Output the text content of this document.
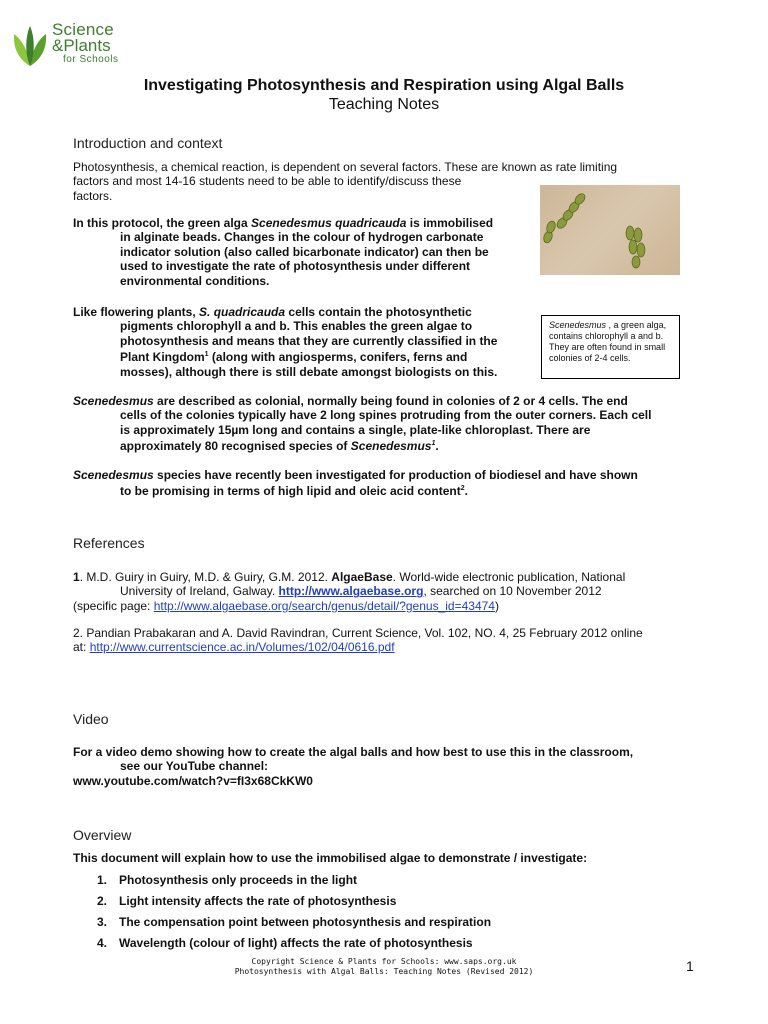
Science
&Plants
for Schools
Investigating Photosynthesis and Respiration using Algal Balls
Teaching Notes
Introduction and context
Photosynthesis, a chemical reaction, is dependent on several factors. These are known as rate limiting
factors and most 14-16 students need to be able to identify/discuss these
factors.
In this protocol, the green alga Scenedesmus quadricauda is immobilised
in alginate beads. Changes in the colour of hydrogen carbonate
indicator solution (also called bicarbonate indicator) can then be
used to investigate the rate of photosynthesis under different
environmental conditions.
Like flowering plants, S. quadricauda cells contain the photosynthetic
pigments chlorophyll a and b. This enables the green algae to
photosynthesis and means that they are currently classified in the
Plant Kingdom$^1$ (along with angiosperms, conifers, ferns and
mosses), although there is still debate amongst biologists on this.
Scenedesmus , a green alga, contains chlorophyll a and b. They are often found in small colonies of 2-4 cells.
Scenedesmus are described as colonial, normally being found in colonies of 2 or 4 cells. The end
cells of the colonies typically have 2 long spines protruding from the outer corners. Each cell
is approximately 15µm long and contains a single, plate-like chloroplast. There are
approximately 80 recognised species of Scenedesmus$^1$.
Scenedesmus species have recently been investigated for production of biodiesel and have shown
to be promising in terms of high lipid and oleic acid content$^2$.
References
1. M.D. Guiry in Guiry, M.D. & Guiry, G.M. 2012. AlgaeBase. World-wide electronic publication, National
University of Ireland, Galway. http://www.algaebase.org, searched on 10 November 2012
(specific page: http://www.algaebase.org/search/genus/detail/?genus_id=43474)
2. Pandian Prabakaran and A. David Ravindran, Current Science, Vol. 102, NO. 4, 25 February 2012 online
at: http://www.currentscience.ac.in/Volumes/102/04/0616.pdf
Video
For a video demo showing how to create the algal balls and how best to use this in the classroom,
see our YouTube channel:
www.youtube.com/watch?v=fI3x68CkKW0
Overview
This document will explain how to use the immobilised algae to demonstrate / investigate:
1. Photosynthesis only proceeds in the light
2. Light intensity affects the rate of photosynthesis
3. The compensation point between photosynthesis and respiration
4. Wavelength (colour of light) affects the rate of photosynthesis
Copyright Science & Plants for Schools: www.saps.org.uk
Photosynthesis with Algal Balls: Teaching Notes (Revised 2012)	1
